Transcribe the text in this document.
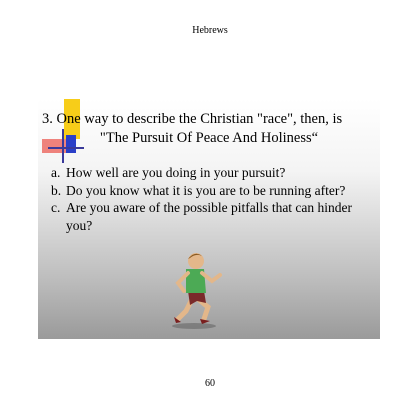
Hebrews
3. One way to describe the Christian "race", then, is
"The Pursuit Of Peace And Holiness“
a. How well are you doing in your pursuit?
b. Do you know what it is you are to be running after?
c. Are you aware of the possible pitfalls that can hinder you?
60
